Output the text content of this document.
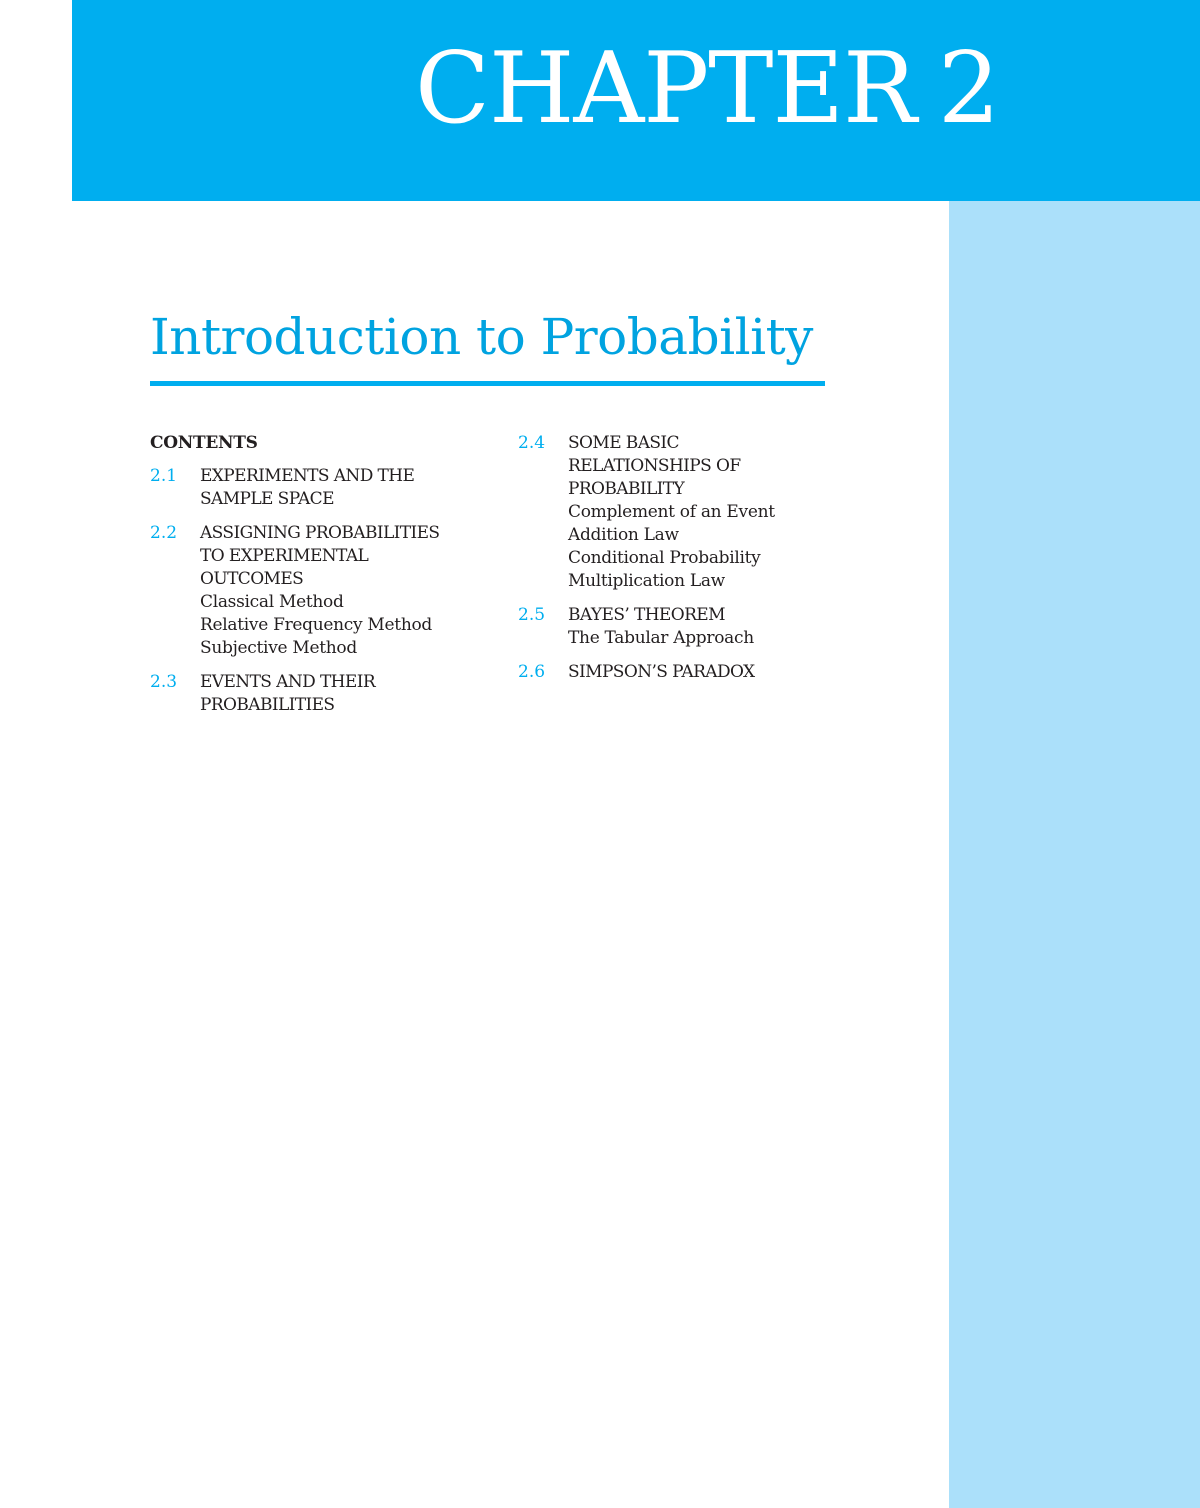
CHAPTER 2
Introduction to Probability
CONTENTS
2.1	EXPERIMENTS AND THE
SAMPLE SPACE
2.2	ASSIGNING PROBABILITIES
TO EXPERIMENTAL
OUTCOMES
Classical Method
Relative Frequency Method
Subjective Method
2.3	EVENTS AND THEIR
PROBABILITIES
2.4	SOME BASIC
RELATIONSHIPS OF
PROBABILITY
Complement of an Event
Addition Law
Conditional Probability
Multiplication Law
2.5	BAYES’ THEOREM
The Tabular Approach
2.6	SIMPSON’S PARADOX
